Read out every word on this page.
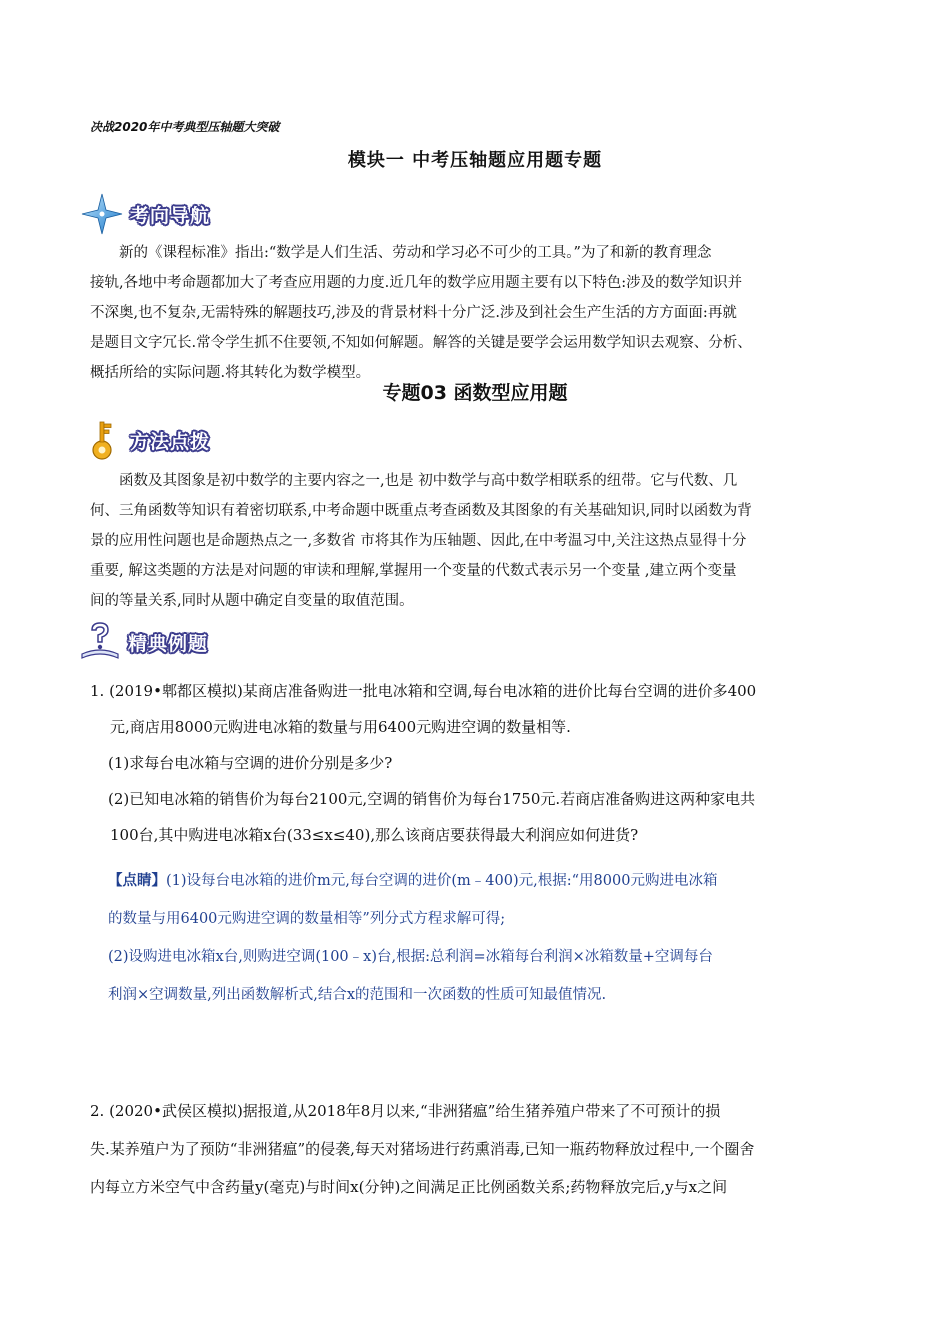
决战2020年中考典型压轴题大突破
模块一 中考压轴题应用题专题
考向导航
新的《课程标准》指出:“数学是人们生活、劳动和学习必不可少的工具。”为了和新的教育理念
接轨,各地中考命题都加大了考查应用题的力度.近几年的数学应用题主要有以下特色:涉及的数学知识并
不深奥,也不复杂,无需特殊的解题技巧,涉及的背景材料十分广泛.涉及到社会生产生活的方方面面:再就
是题目文字冗长.常令学生抓不住要领,不知如何解题。解答的关键是要学会运用数学知识去观察、分析、
概括所给的实际问题.将其转化为数学模型。
专题03 函数型应用题
方法点拨
函数及其图象是初中数学的主要内容之一,也是 初中数学与高中数学相联系的纽带。它与代数、几
何、三角函数等知识有着密切联系,中考命题中既重点考查函数及其图象的有关基础知识,同时以函数为背
景的应用性问题也是命题热点之一,多数省 市将其作为压轴题、因此,在中考温习中,关注这热点显得十分
重要, 解这类题的方法是对问题的审读和理解,掌握用一个变量的代数式表示另一个变量 ,建立两个变量
间的等量关系,同时从题中确定自变量的取值范围。
精典例题
1. (2019•郫都区模拟)某商店准备购进一批电冰箱和空调,每台电冰箱的进价比每台空调的进价多400
元,商店用8000元购进电冰箱的数量与用6400元购进空调的数量相等.
(1)求每台电冰箱与空调的进价分别是多少?
(2)已知电冰箱的销售价为每台2100元,空调的销售价为每台1750元.若商店准备购进这两种家电共
100台,其中购进电冰箱x台(33≤x≤40),那么该商店要获得最大利润应如何进货?
【点睛】(1)设每台电冰箱的进价m元,每台空调的进价(m﹣400)元,根据:“用8000元购进电冰箱
的数量与用6400元购进空调的数量相等”列分式方程求解可得;
(2)设购进电冰箱x台,则购进空调(100﹣x)台,根据:总利润=冰箱每台利润×冰箱数量+空调每台
利润×空调数量,列出函数解析式,结合x的范围和一次函数的性质可知最值情况.
2. (2020•武侯区模拟)据报道,从2018年8月以来,“非洲猪瘟”给生猪养殖户带来了不可预计的损
失.某养殖户为了预防“非洲猪瘟”的侵袭,每天对猪场进行药熏消毒,已知一瓶药物释放过程中,一个圈舍
内每立方米空气中含药量y(毫克)与时间x(分钟)之间满足正比例函数关系;药物释放完后,y与x之间
